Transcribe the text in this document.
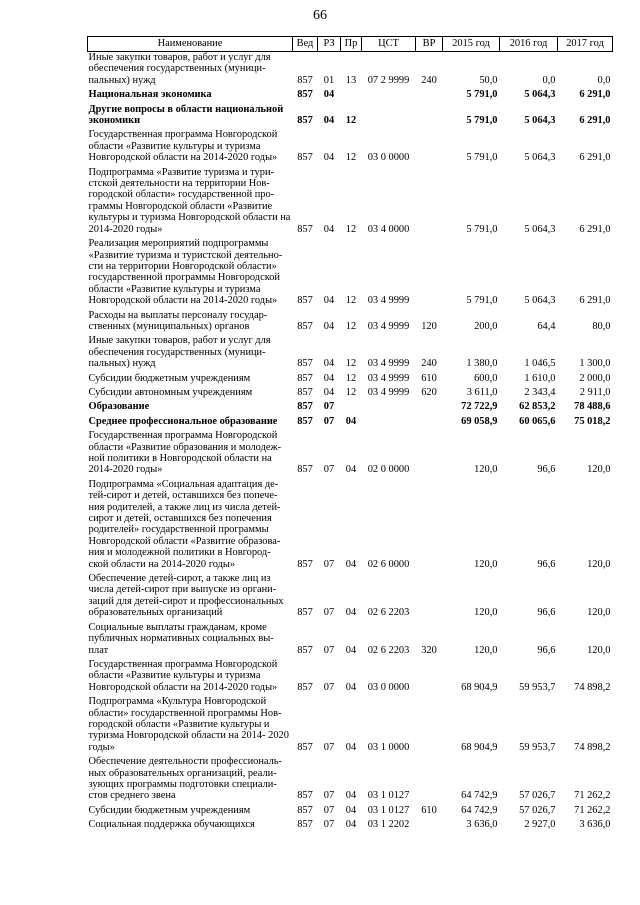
66
Наименование	Вед	РЗ	Пр	ЦСТ	ВР	2015 год	2016 год	2017 год
Иные закупки товаров, работ и услуг для обеспечения государственных (муници- пальных) нужд	857	01	13	07 2 9999	240	50,0	0,0	0,0
Национальная экономика	857	04				5 791,0	5 064,3	6 291,0
Другие вопросы в области национальной экономики	857	04	12			5 791,0	5 064,3	6 291,0
Государственная программа Новгородской области «Развитие культуры и туризма Новгородской области на 2014-2020 годы»	857	04	12	03 0 0000		5 791,0	5 064,3	6 291,0
Подпрограмма «Развитие туризма и тури- стской деятельности на территории Нов- городской области» государственной про- граммы Новгородской области «Развитие культуры и туризма Новгородской области на 2014-2020 годы»	857	04	12	03 4 0000		5 791,0	5 064,3	6 291,0
Реализация мероприятий подпрограммы «Развитие туризма и туристской деятельно- сти на территории Новгородской области» государственной программы Новгородской области «Развитие культуры и туризма Новгородской области на 2014-2020 годы»	857	04	12	03 4 9999		5 791,0	5 064,3	6 291,0
Расходы на выплаты персоналу государ- ственных (муниципальных) органов	857	04	12	03 4 9999	120	200,0	64,4	80,0
Иные закупки товаров, работ и услуг для обеспечения государственных (муници- пальных) нужд	857	04	12	03 4 9999	240	1 380,0	1 046,5	1 300,0
Субсидии бюджетным учреждениям	857	04	12	03 4 9999	610	600,0	1 610,0	2 000,0
Субсидии автономным учреждениям	857	04	12	03 4 9999	620	3 611,0	2 343,4	2 911,0
Образование	857	07				72 722,9	62 853,2	78 488,6
Среднее профессиональное образование	857	07	04			69 058,9	60 065,6	75 018,2
Государственная программа Новгородской области «Развитие образования и молодеж- ной политики в Новгородской области на 2014-2020 годы»	857	07	04	02 0 0000		120,0	96,6	120,0
Подпрограмма «Социальная адаптация де- тей-сирот и детей, оставшихся без попече- ния родителей, а также лиц из числа детей- сирот и детей, оставшихся без попечения родителей» государственной программы Новгородской области «Развитие образова- ния и молодежной политики в Новгород- ской области на 2014-2020 годы»	857	07	04	02 6 0000		120,0	96,6	120,0
Обеспечение детей-сирот, а также лиц из числа детей-сирот при выпуске из органи- заций для детей-сирот и профессиональных образовательных организаций	857	07	04	02 6 2203		120,0	96,6	120,0
Социальные выплаты гражданам, кроме публичных нормативных социальных вы- плат	857	07	04	02 6 2203	320	120,0	96,6	120,0
Государственная программа Новгородской области «Развитие культуры и туризма Новгородской области на 2014-2020 годы»	857	07	04	03 0 0000		68 904,9	59 953,7	74 898,2
Подпрограмма «Культура Новгородской области» государственной программы Нов- городской области «Развитие культуры и туризма Новгородской области на 2014- 2020 годы»	857	07	04	03 1 0000		68 904,9	59 953,7	74 898,2
Обеспечение деятельности профессиональ- ных образовательных организаций, реали- зующих программы подготовки специали- стов среднего звена	857	07	04	03 1 0127		64 742,9	57 026,7	71 262,2
Субсидии бюджетным учреждениям	857	07	04	03 1 0127	610	64 742,9	57 026,7	71 262,2
Социальная поддержка обучающихся	857	07	04	03 1 2202		3 636,0	2 927,0	3 636,0
